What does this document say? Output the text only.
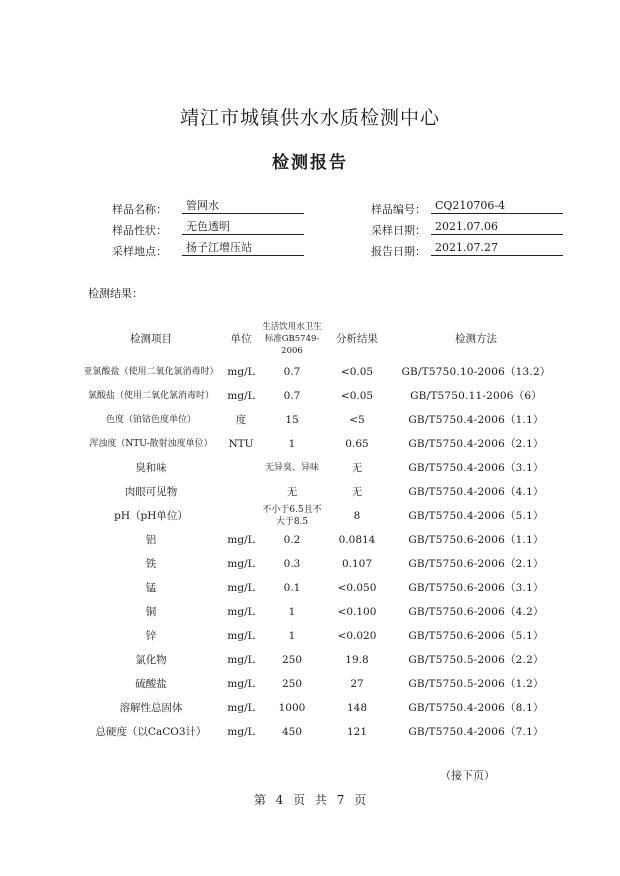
靖江市城镇供水水质检测中心
检测报告
样品名称：	管网水
样品性状：	无色透明
采样地点：	扬子江增压站
样品编号： CQ210706-4
采样日期： 2021.07.06
报告日期： 2021.07.27
检测结果：
检测项目	单位	生活饮用水卫生标准GB5749-2006	分析结果	检测方法
亚氯酸盐（使用二氧化氯消毒时）	mg/L	0.7	<0.05	GB/T5750.10-2006（13.2）
氯酸盐（使用二氧化氯消毒时）	mg/L	0.7	<0.05	GB/T5750.11-2006（6）
色度（铂钴色度单位）	度	15	<5	GB/T5750.4-2006（1.1）
浑浊度（NTU-散射浊度单位）	NTU	1	0.65	GB/T5750.4-2006（2.1）
臭和味		无异臭、异味	无	GB/T5750.4-2006（3.1）
肉眼可见物		无	无	GB/T5750.4-2006（4.1）
pH（pH单位）		不小于6.5且不大于8.5	8	GB/T5750.4-2006（5.1）
铝	mg/L	0.2	0.0814	GB/T5750.6-2006（1.1）
铁	mg/L	0.3	0.107	GB/T5750.6-2006（2.1）
锰	mg/L	0.1	<0.050	GB/T5750.6-2006（3.1）
铜	mg/L	1	<0.100	GB/T5750.6-2006（4.2）
锌	mg/L	1	<0.020	GB/T5750.6-2006（5.1）
氯化物	mg/L	250	19.8	GB/T5750.5-2006（2.2）
硫酸盐	mg/L	250	27	GB/T5750.5-2006（1.2）
溶解性总固体	mg/L	1000	148	GB/T5750.4-2006（8.1）
总硬度（以CaCO3计）	mg/L	450	121	GB/T5750.4-2006（7.1）
（接下页）
第 4 页 共 7 页
